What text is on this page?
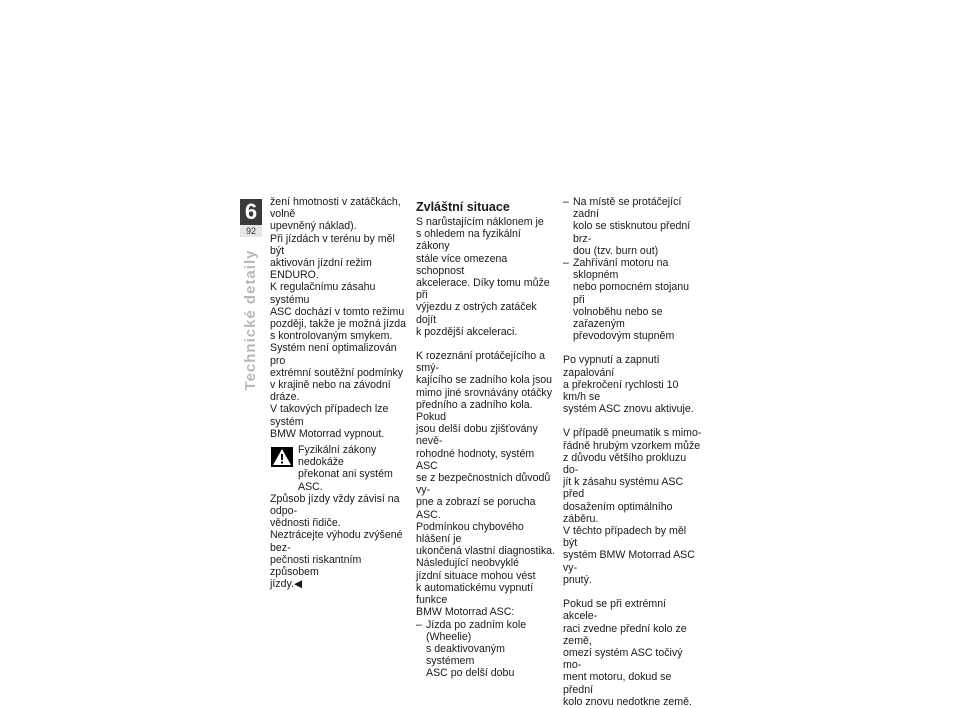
6
92
Technické detaily

žení hmotnosti v zatáčkách, volně

upevněný náklad).

Při jízdách v terénu by měl být

aktivován jízdní režim ENDURO.

K regulačnímu zásahu systému

ASC dochází v tomto režimu

později, takže je možná jízda

s kontrolovaným smykem.

Systém není optimalizován pro

extrémní soutěžní podmínky

v krajině nebo na závodní dráze.

V takových případech lze systém

BMW Motorrad vypnout.

Fyzikální zákony nedokáže

překonat ani systém ASC.

Způsob jízdy vždy závisí na odpo-

vědnosti řidiče.

Neztrácejte výhodu zvýšené bez-

pečnosti riskantním způsobem

jízdy.◀

Zvláštní situace

S narůstajícím náklonem je

s ohledem na fyzikální zákony

stále více omezena schopnost

akcelerace. Díky tomu může při

výjezdu z ostrých zatáček dojít

k pozdější akceleraci.

K rozeznání protáčejícího a smý-

kajícího se zadního kola jsou

mimo jiné srovnávány otáčky

předního a zadního kola. Pokud

jsou delší dobu zjišťovány nevě-

rohodné hodnoty, systém ASC

se z bezpečnostních důvodů vy-

pne a zobrazí se porucha ASC.

Podmínkou chybového hlášení je

ukončená vlastní diagnostika.

Následující neobvyklé

jízdní situace mohou vést

k automatickému vypnutí funkce

BMW Motorrad ASC:

– Jízda po zadním kole (Wheelie)

s deaktivovaným systémem

ASC po delší dobu

– Na místě se protáčející zadní

kolo se stisknutou přední brz-

dou (tzv. burn out)

– Zahřívání motoru na sklopném

nebo pomocném stojanu při

volnoběhu nebo se zařazeným

převodovým stupněm

Po vypnutí a zapnutí zapalování

a překročení rychlosti 10 km/h se

systém ASC znovu aktivuje.

V případě pneumatik s mimo-

řádně hrubým vzorkem může

z důvodu většího prokluzu do-

jít k zásahu systému ASC před

dosažením optimálního záběru.

V těchto případech by měl být

systém BMW Motorrad ASC vy-

pnutý.

Pokud se při extrémní akcele-

raci zvedne přední kolo ze země,

omezí systém ASC točivý mo-

ment motoru, dokud se přední

kolo znovu nedotkne země.
